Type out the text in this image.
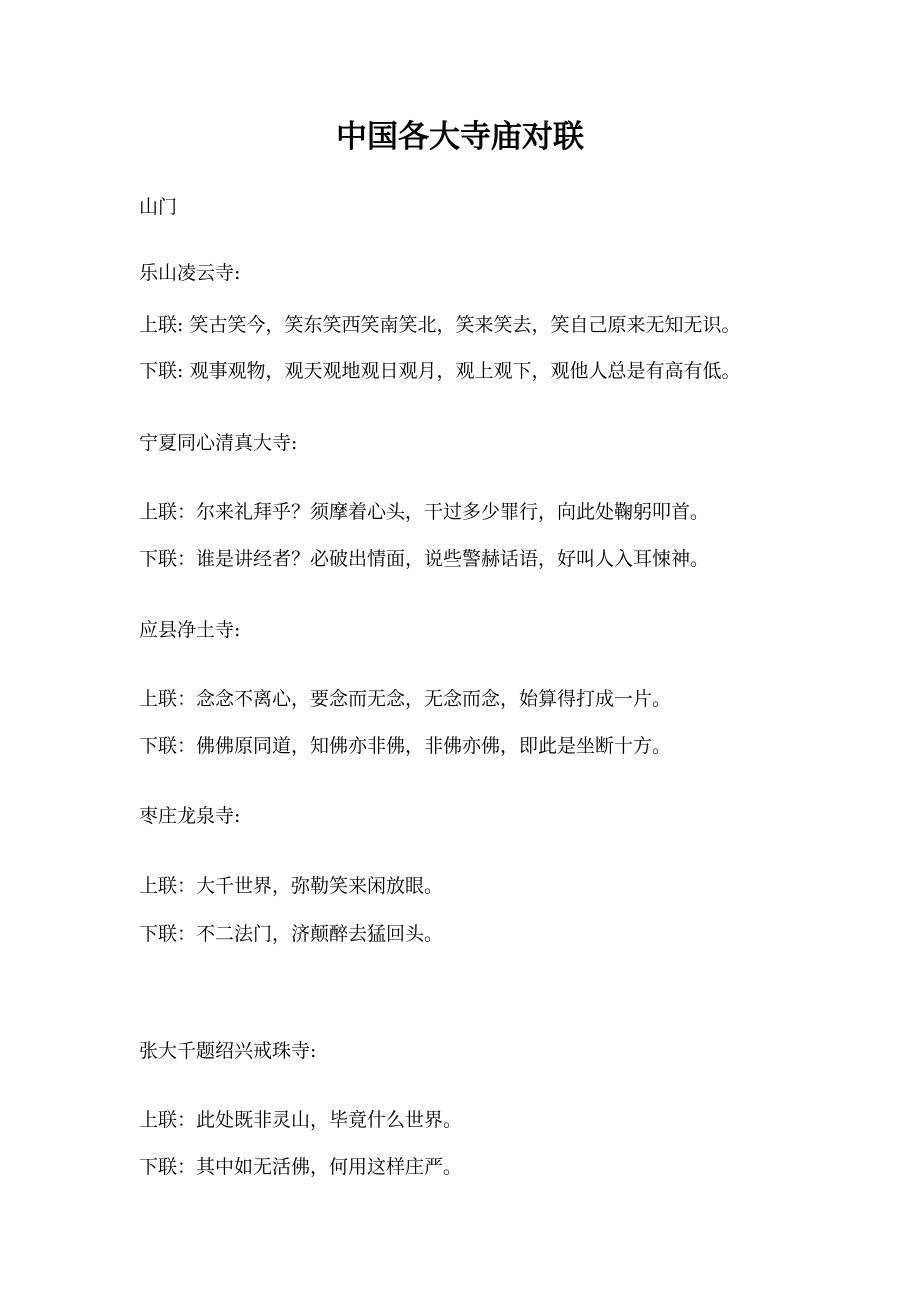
中国各大寺庙对联

山门

乐山凌云寺:

上联: 笑古笑今，笑东笑西笑南笑北，笑来笑去，笑自己原来无知无识。

下联: 观事观物，观天观地观日观月，观上观下，观他人总是有高有低。

宁夏同心清真大寺:

上联：尔来礼拜乎？须摩着心头，干过多少罪行，向此处鞠躬叩首。

下联：谁是讲经者？必破出情面，说些警赫话语，好叫人入耳悚神。

应县净土寺:

上联：念念不离心，要念而无念，无念而念，始算得打成一片。

下联：佛佛原同道，知佛亦非佛，非佛亦佛，即此是坐断十方。

枣庄龙泉寺:

上联：大千世界，弥勒笑来闲放眼。

下联：不二法门，济颠醉去猛回头。

张大千题绍兴戒珠寺:

上联：此处既非灵山，毕竟什么世界。

下联：其中如无活佛，何用这样庄严。
